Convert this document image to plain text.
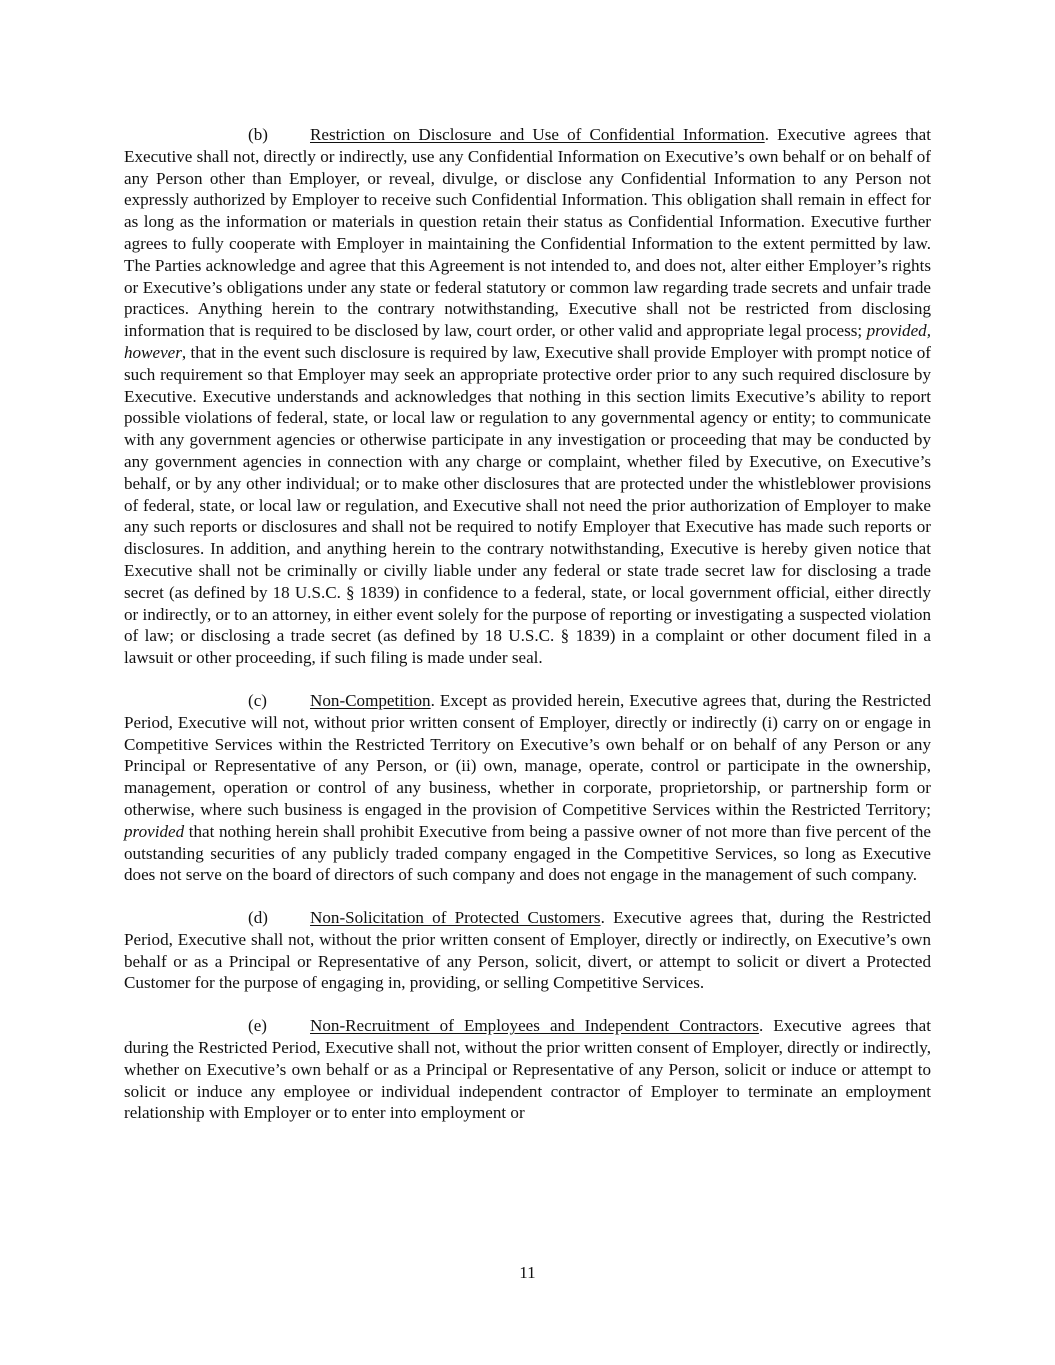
(b) Restriction on Disclosure and Use of Confidential Information. Executive agrees that Executive shall not, directly or indirectly, use any Confidential Information on Executive’s own behalf or on behalf of any Person other than Employer, or reveal, divulge, or disclose any Confidential Information to any Person not expressly authorized by Employer to receive such Confidential Information. This obligation shall remain in effect for as long as the information or materials in question retain their status as Confidential Information. Executive further agrees to fully cooperate with Employer in maintaining the Confidential Information to the extent permitted by law. The Parties acknowledge and agree that this Agreement is not intended to, and does not, alter either Employer’s rights or Executive’s obligations under any state or federal statutory or common law regarding trade secrets and unfair trade practices. Anything herein to the contrary notwithstanding, Executive shall not be restricted from disclosing information that is required to be disclosed by law, court order, or other valid and appropriate legal process; provided, however, that in the event such disclosure is required by law, Executive shall provide Employer with prompt notice of such requirement so that Employer may seek an appropriate protective order prior to any such required disclosure by Executive. Executive understands and acknowledges that nothing in this section limits Executive’s ability to report possible violations of federal, state, or local law or regulation to any governmental agency or entity; to communicate with any government agencies or otherwise participate in any investigation or proceeding that may be conducted by any government agencies in connection with any charge or complaint, whether filed by Executive, on Executive’s behalf, or by any other individual; or to make other disclosures that are protected under the whistleblower provisions of federal, state, or local law or regulation, and Executive shall not need the prior authorization of Employer to make any such reports or disclosures and shall not be required to notify Employer that Executive has made such reports or disclosures. In addition, and anything herein to the contrary notwithstanding, Executive is hereby given notice that Executive shall not be criminally or civilly liable under any federal or state trade secret law for disclosing a trade secret (as defined by 18 U.S.C. § 1839) in confidence to a federal, state, or local government official, either directly or indirectly, or to an attorney, in either event solely for the purpose of reporting or investigating a suspected violation of law; or disclosing a trade secret (as defined by 18 U.S.C. § 1839) in a complaint or other document filed in a lawsuit or other proceeding, if such filing is made under seal.

(c)	Non-Competition. Except as provided herein, Executive agrees that, during the Restricted Period, Executive will not, without prior written consent of Employer, directly or indirectly (i) carry on or engage in Competitive Services within the Restricted Territory on Executive’s own behalf or on behalf of any Person or any Principal or Representative of any Person, or (ii) own, manage, operate, control or participate in the ownership, management, operation or control of any business, whether in corporate, proprietorship, or partnership form or otherwise, where such business is engaged in the provision of Competitive Services within the Restricted Territory; provided that nothing herein shall prohibit Executive from being a passive owner of not more than five percent of the outstanding securities of any publicly traded company engaged in the Competitive Services, so long as Executive does not serve on the board of directors of such company and does not engage in the management of such company.

(d) Non-Solicitation of Protected Customers. Executive agrees that, during the Restricted Period, Executive shall not, without the prior written consent of Employer, directly or indirectly, on Executive’s own behalf or as a Principal or Representative of any Person, solicit, divert, or attempt to solicit or divert a Protected Customer for the purpose of engaging in, providing, or selling Competitive Services.

(e)	Non-Recruitment of Employees and Independent Contractors. Executive agrees that during the Restricted Period, Executive shall not, without the prior written consent of Employer, directly or indirectly, whether on Executive’s own behalf or as a Principal or Representative of any Person, solicit or induce or attempt to solicit or induce any employee or individual independent contractor of Employer to terminate an employment relationship with Employer or to enter into employment or

11
